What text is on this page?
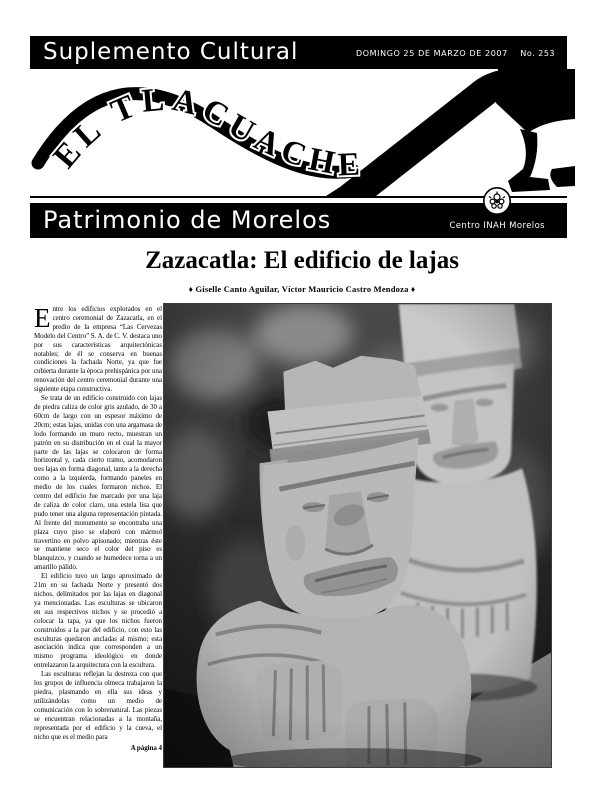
Suplemento Cultural	DOMINGO 25 DE MARZO DE 2007 No. 253
EL TLACUACHE
Patrimonio de Morelos	Centro INAH Morelos
Zazacatla: El edificio de lajas
♦ Giselle Canto Aguilar, Víctor Mauricio Castro Mendoza ♦

Entre los edificios explorados en el centro ceremonial de Zazacatla, en el predio de la empresa “Las Cervezas Modelo del Centro” S. A. de C. V. destaca uno por sus características arquitectónicas notables; de él se conserva en buenas condiciones la fachada Norte, ya que fue cubierta durante la época prehispánica por una renovación del centro ceremonial durante una siguiente etapa constructiva.

Se trata de un edificio construido con lajas de piedra caliza de color gris azulado, de 30 a 60cm de largo con un espesor máximo de 20cm; estas lajas, unidas con una argamasa de lodo formando un muro recto, muestran un patrón en su distribución en el cual la mayor parte de las lajas se colocaron de forma horizontal y, cada cierto tramo, acomodaron tres lajas en forma diagonal, tanto a la derecha como a la izquierda, formando paneles en medio de los cuales formaron nichos. El centro del edificio fue marcado por una laja de caliza de color claro, una estela lisa que pudo tener una alguna representación pintada. Al frente del monumento se encontraba una plaza cuyo piso se elaboró con mármol travertino en polvo apisonado; mientras éste se mantiene seco el color del piso es blanquizco, y cuando se humedece torna a un amarillo pálido.

El edificio tuvo un largo aproximado de 21m en su fachada Norte y presentó dos nichos, delimitados por las lajas en diagonal ya mencionadas. Las esculturas se ubicaron en sus respectivos nichos y se procedió a colocar la tapa, ya que los nichos fueron construidos a la par del edificio, con esto las esculturas quedaron ancladas al mismo; esta asociación indica que corresponden a un mismo programa ideológico en donde entrelazaron la arquitectura con la escultura.

Las esculturas reflejan la destreza con que los grupos de influencia olmeca trabajaron la piedra, plasmando en ella sus ideas y utilizándolas como un medio de comunicación con lo sobrenatural. Las piezas se encuentran relacionadas a la montaña, representada por el edificio y la cueva, el nicho que es el medio para

A página 4
